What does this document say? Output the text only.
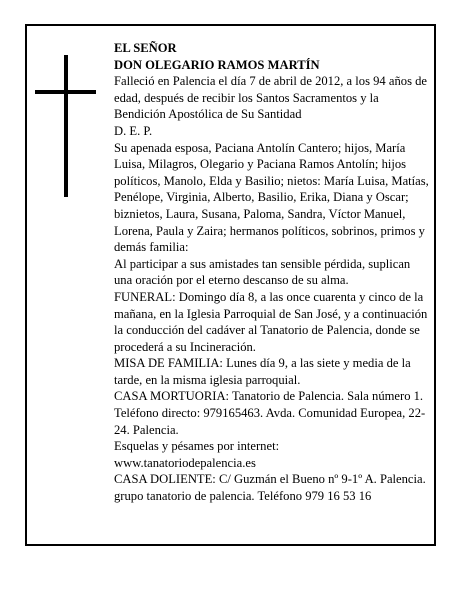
EL SEÑOR

DON OLEGARIO RAMOS MARTÍN

Falleció en Palencia el día 7 de abril de 2012, a los 94 años de edad, después de recibir los Santos Sacramentos y la Bendición Apostólica de Su Santidad

D. E. P.

Su apenada esposa, Paciana Antolín Cantero; hijos, María Luisa, Milagros, Olegario y Paciana Ramos Antolín; hijos políticos, Manolo, Elda y Basilio; nietos: María Luisa, Matías, Penélope, Virginia, Alberto, Basilio, Erika, Diana y Oscar; biznietos, Laura, Susana, Paloma, Sandra, Víctor Manuel, Lorena, Paula y Zaira; hermanos políticos, sobrinos, primos y demás familia:

Al participar a sus amistades tan sensible pérdida, suplican una oración por el eterno descanso de su alma.

FUNERAL: Domingo día 8, a las once cuarenta y cinco de la mañana, en la Iglesia Parroquial de San José, y a continuación la conducción del cadáver al Tanatorio de Palencia, donde se procederá a su Incineración.

MISA DE FAMILIA: Lunes día 9, a las siete y media de la tarde, en la misma iglesia parroquial.

CASA MORTUORIA: Tanatorio de Palencia. Sala número 1. Teléfono directo: 979165463. Avda. Comunidad Europea, 22-24. Palencia.

Esquelas y pésames por internet:

www.tanatoriodepalencia.es

CASA DOLIENTE: C/ Guzmán el Bueno nº 9-1º A. Palencia.

grupo tanatorio de palencia. Teléfono 979 16 53 16
